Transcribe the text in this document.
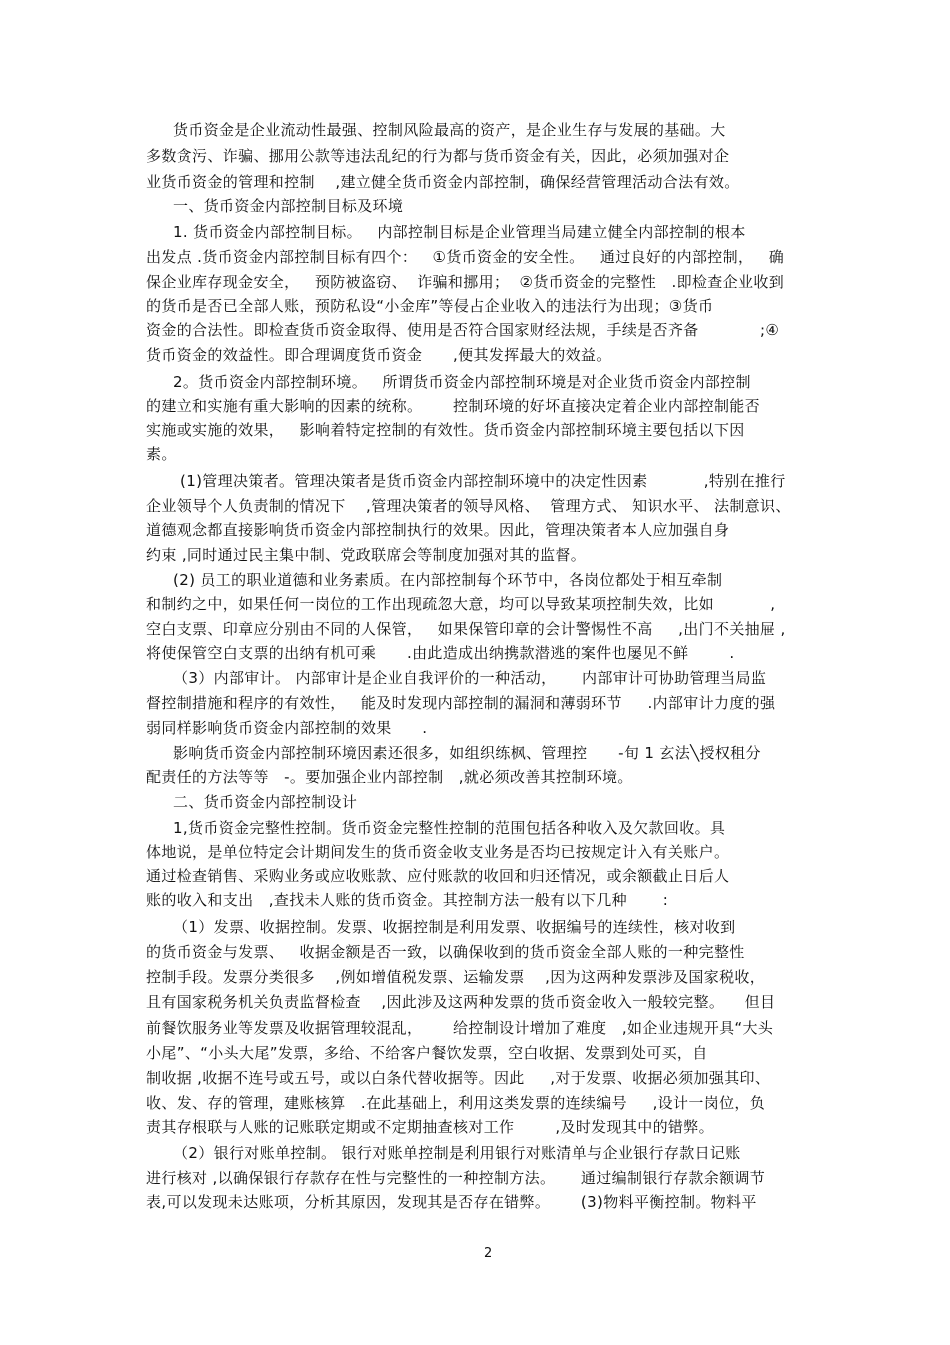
货币资金是企业流动性最强、控制风险最高的资产，是企业生存与发展的基础。大
多数贪污、诈骗、挪用公款等违法乱纪的行为都与货币资金有关，因此，必须加强对企
业货币资金的管理和控制    ,建立健全货币资金内部控制，确保经营管理活动合法有效。
一、货币资金内部控制目标及环境
1. 货币资金内部控制目标。   内部控制目标是企业管理当局建立健全内部控制的根本
出发点 .货币资金内部控制目标有四个：   ①货币资金的安全性。   通过良好的内部控制，   确
保企业库存现金安全，   预防被盗窃、  诈骗和挪用；  ②货币资金的完整性   .即检查企业收到
的货币是否已全部人账，预防私设“小金库”等侵占企业收入的违法行为出现；③货币
资金的合法性。即检查货币资金取得、使用是否符合国家财经法规，手续是否齐备            ;④
货币资金的效益性。即合理调度货币资金      ,便其发挥最大的效益。
2。货币资金内部控制环境。   所谓货币资金内部控制环境是对企业货币资金内部控制
的建立和实施有重大影响的因素的统称。      控制环境的好坏直接决定着企业内部控制能否
实施或实施的效果，   影响着特定控制的有效性。货币资金内部控制环境主要包括以下因
素。
(1)管理决策者。管理决策者是货币资金内部控制环境中的决定性因素           ,特别在推行
企业领导个人负责制的情况下    ,管理决策者的领导风格、  管理方式、 知识水平、 法制意识、
道德观念都直接影响货币资金内部控制执行的效果。因此，管理决策者本人应加强自身
约束 ,同时通过民主集中制、党政联席会等制度加强对其的监督。
(2) 员工的职业道德和业务素质。在内部控制每个环节中，各岗位都处于相互牵制
和制约之中，如果任何一岗位的工作出现疏忽大意，均可以导致某项控制失效，比如           ,
空白支票、印章应分别由不同的人保管，   如果保管印章的会计警惕性不高     ,出门不关抽屉 ,
将使保管空白支票的出纳有机可乘      .由此造成出纳携款潜逃的案件也屡见不鲜        .
（3）内部审计。 内部审计是企业自我评价的一种活动，     内部审计可协助管理当局监
督控制措施和程序的有效性，   能及时发现内部控制的漏洞和薄弱环节     .内部审计力度的强
弱同样影响货币资金内部控制的效果      .
影响货币资金内部控制环境因素还很多，如组织练枫、管理控      -旬 1 玄法╲授权租分
配责任的方法等等   -。要加强企业内部控制   ,就必须改善其控制环境。
二、货币资金内部控制设计
1,货币资金完整性控制。货币资金完整性控制的范围包括各种收入及欠款回收。具
体地说，是单位特定会计期间发生的货币资金收支业务是否均已按规定计入有关账户。
通过检查销售、采购业务或应收账款、应付账款的收回和归还情况，或余额截止日后人
账的收入和支出   ,查找未人账的货币资金。其控制方法一般有以下几种       :
（1）发票、收据控制。发票、收据控制是利用发票、收据编号的连续性，核对收到
的货币资金与发票、   收据金额是否一致，以确保收到的货币资金全部人账的一种完整性
控制手段。发票分类很多    ,例如增值税发票、运输发票    ,因为这两种发票涉及国家税收，
且有国家税务机关负责监督检查    ,因此涉及这两种发票的货币资金收入一般较完整。    但目
前餐饮服务业等发票及收据管理较混乱，      给控制设计增加了难度   ,如企业违规开具“大头
小尾”、“小头大尾”发票，多给、不给客户餐饮发票，空白收据、发票到处可买，自
制收据 ,收据不连号或五号，或以白条代替收据等。因此     ,对于发票、收据必须加强其印、
收、发、存的管理，建账核算   .在此基础上，利用这类发票的连续编号     ,设计一岗位，负
责其存根联与人账的记账联定期或不定期抽查核对工作        ,及时发现其中的错弊。
（2）银行对账单控制。 银行对账单控制是利用银行对账清单与企业银行存款日记账
进行核对 ,以确保银行存款存在性与完整性的一种控制方法。     通过编制银行存款余额调节
表,可以发现未达账项，分析其原因，发现其是否存在错弊。      (3)物料平衡控制。物料平
2
